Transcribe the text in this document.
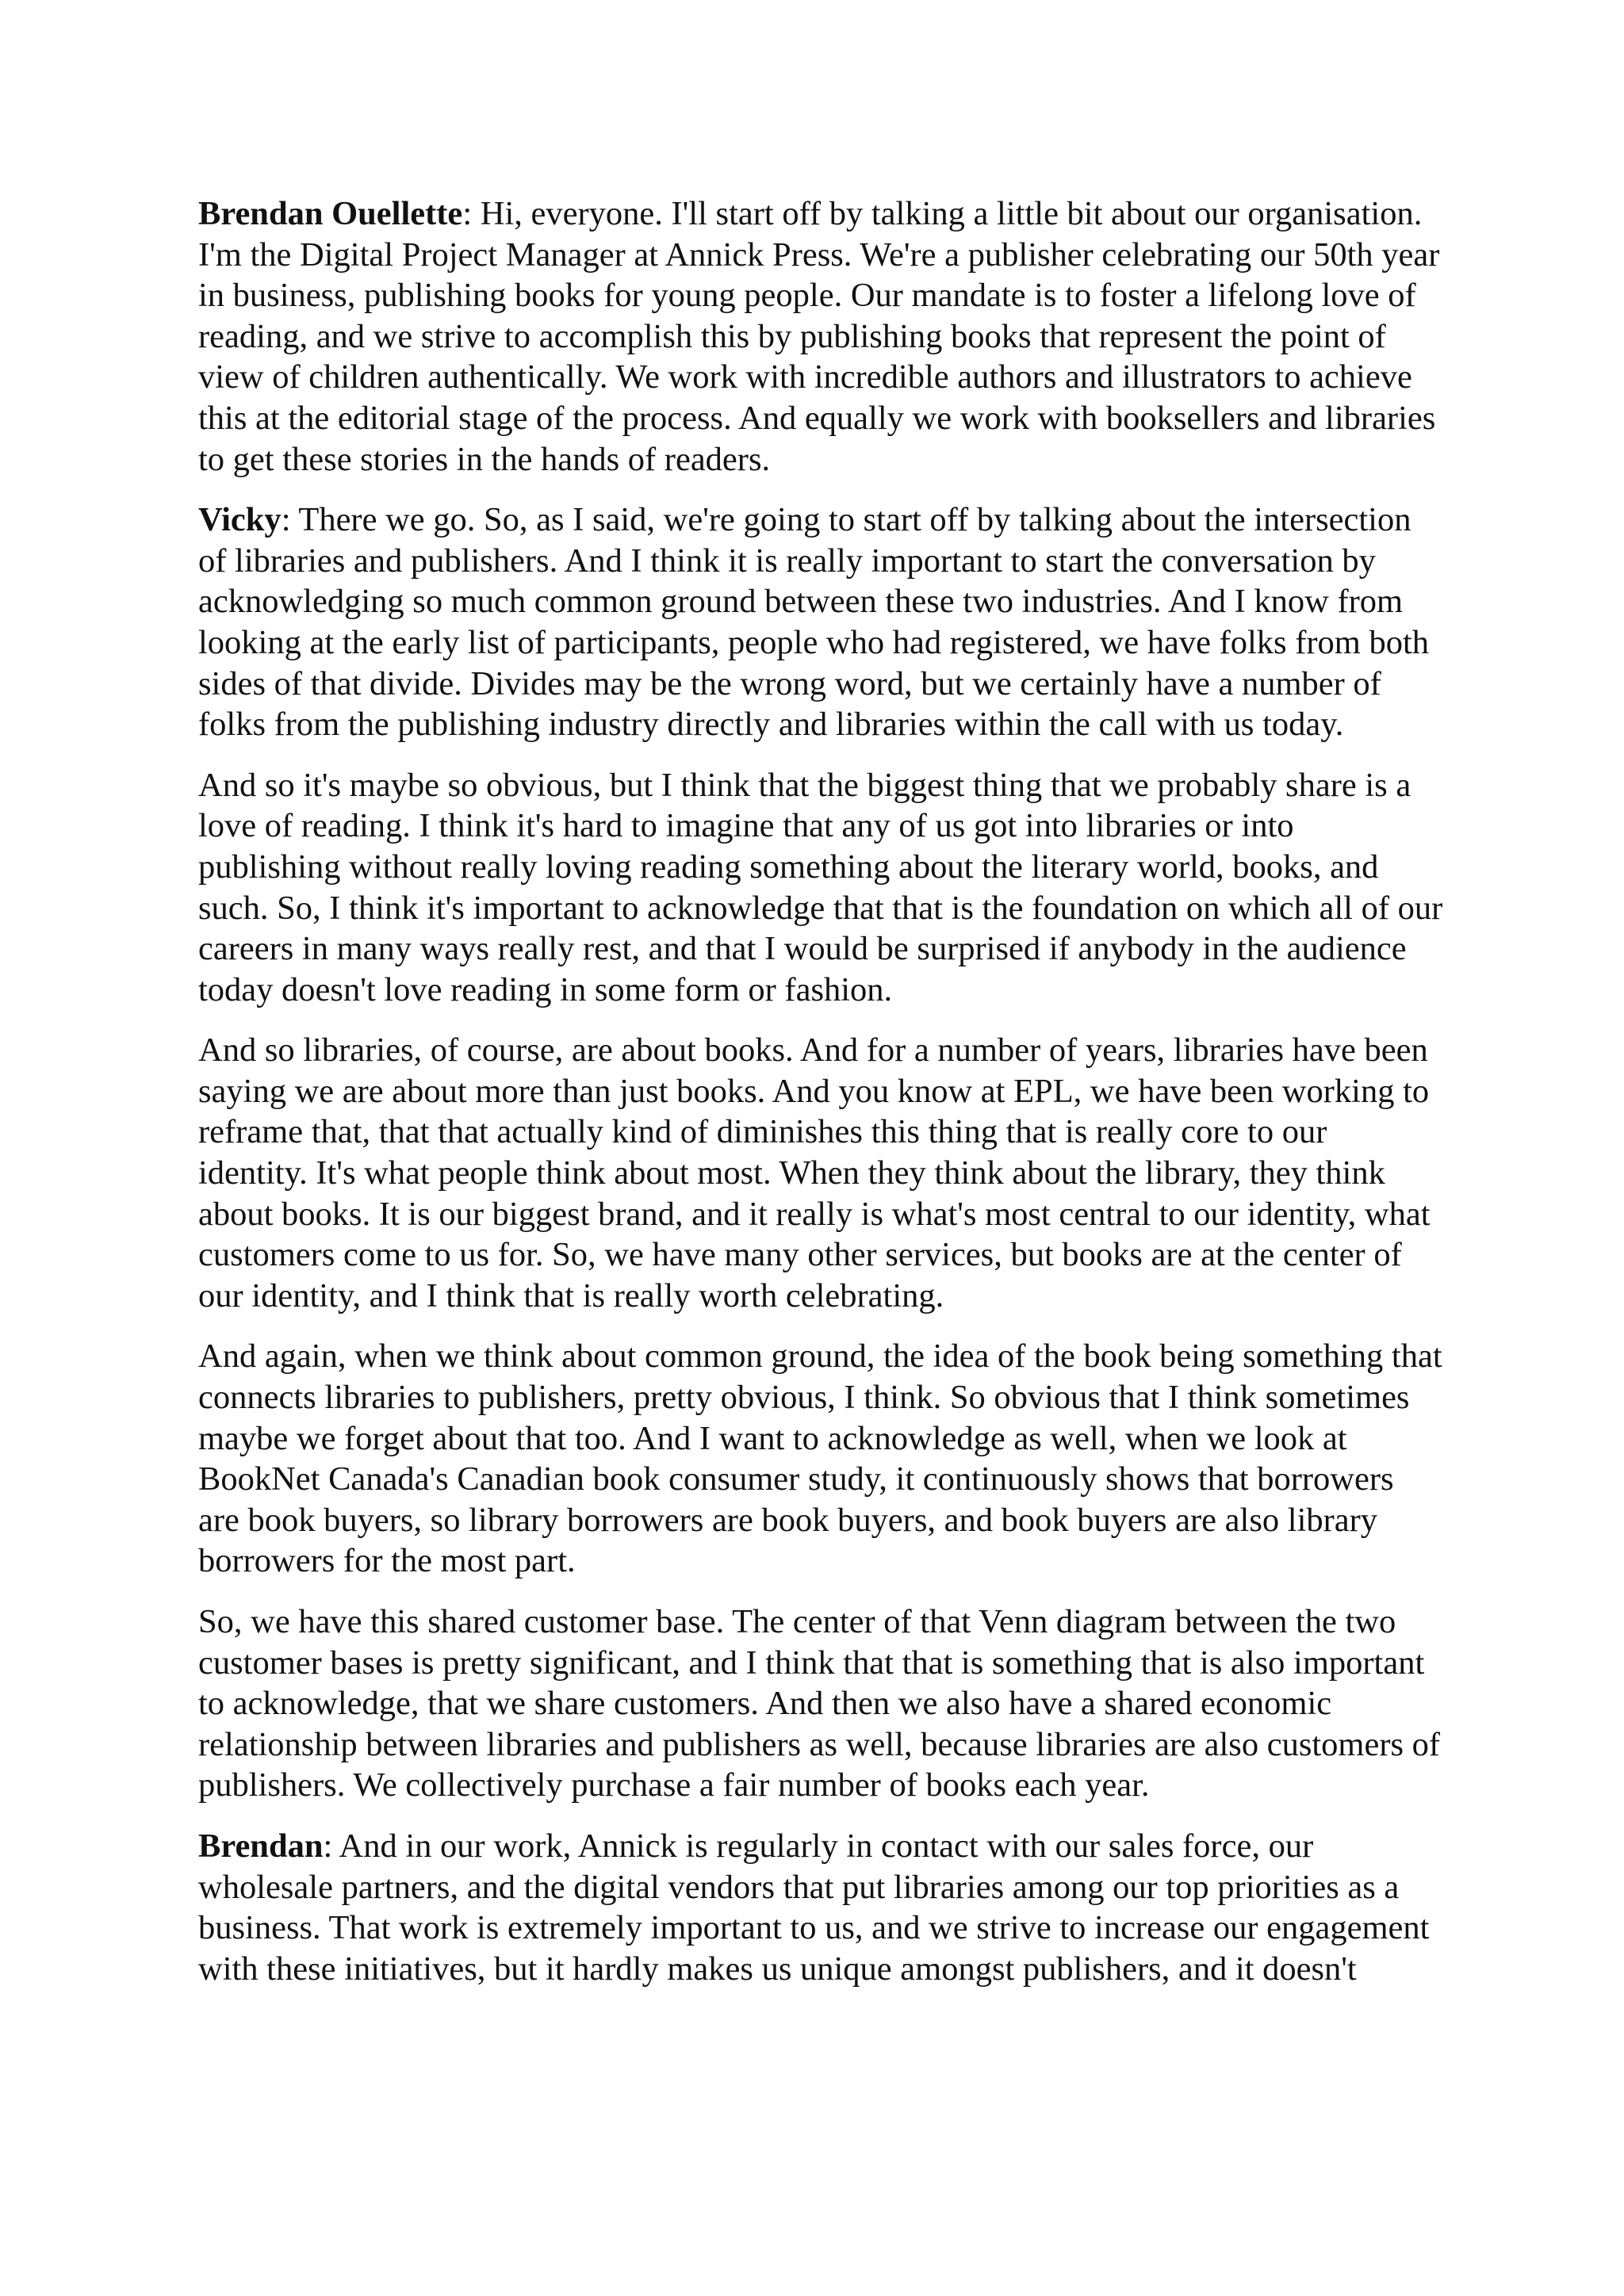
Brendan Ouellette: Hi, everyone. I'll start off by talking a little bit about our organisation. I'm the Digital Project Manager at Annick Press. We're a publisher celebrating our 50th year in business, publishing books for young people. Our mandate is to foster a lifelong love of reading, and we strive to accomplish this by publishing books that represent the point of view of children authentically. We work with incredible authors and illustrators to achieve this at the editorial stage of the process. And equally we work with booksellers and libraries to get these stories in the hands of readers.

Vicky: There we go. So, as I said, we're going to start off by talking about the intersection of libraries and publishers. And I think it is really important to start the conversation by acknowledging so much common ground between these two industries. And I know from looking at the early list of participants, people who had registered, we have folks from both sides of that divide. Divides may be the wrong word, but we certainly have a number of folks from the publishing industry directly and libraries within the call with us today.

And so it's maybe so obvious, but I think that the biggest thing that we probably share is a love of reading. I think it's hard to imagine that any of us got into libraries or into publishing without really loving reading something about the literary world, books, and such. So, I think it's important to acknowledge that that is the foundation on which all of our careers in many ways really rest, and that I would be surprised if anybody in the audience today doesn't love reading in some form or fashion.

And so libraries, of course, are about books. And for a number of years, libraries have been saying we are about more than just books. And you know at EPL, we have been working to reframe that, that that actually kind of diminishes this thing that is really core to our identity. It's what people think about most. When they think about the library, they think about books. It is our biggest brand, and it really is what's most central to our identity, what customers come to us for. So, we have many other services, but books are at the center of our identity, and I think that is really worth celebrating.

And again, when we think about common ground, the idea of the book being something that connects libraries to publishers, pretty obvious, I think. So obvious that I think sometimes maybe we forget about that too. And I want to acknowledge as well, when we look at BookNet Canada's Canadian book consumer study, it continuously shows that borrowers are book buyers, so library borrowers are book buyers, and book buyers are also library borrowers for the most part.

So, we have this shared customer base. The center of that Venn diagram between the two customer bases is pretty significant, and I think that that is something that is also important to acknowledge, that we share customers. And then we also have a shared economic relationship between libraries and publishers as well, because libraries are also customers of publishers. We collectively purchase a fair number of books each year.

Brendan: And in our work, Annick is regularly in contact with our sales force, our wholesale partners, and the digital vendors that put libraries among our top priorities as a business. That work is extremely important to us, and we strive to increase our engagement with these initiatives, but it hardly makes us unique amongst publishers, and it doesn't
